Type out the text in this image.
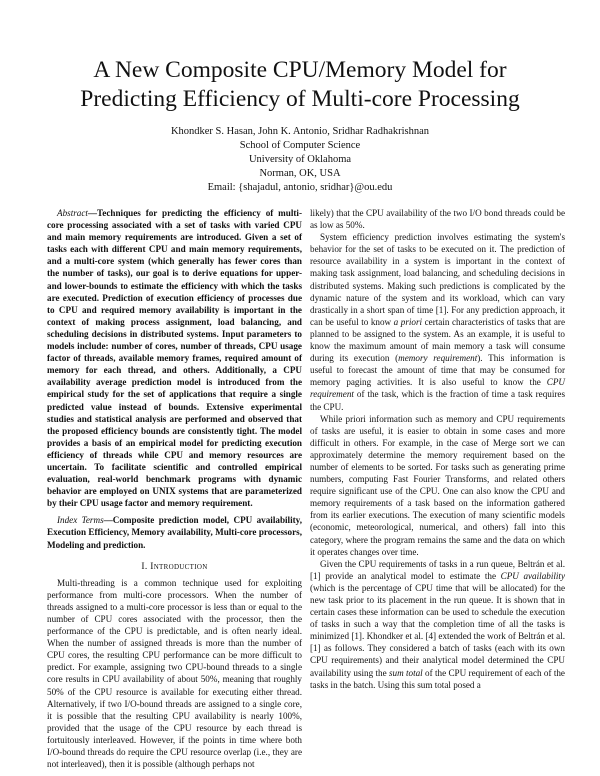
A New Composite CPU/Memory Model for
Predicting Efficiency of Multi-core Processing
Khondker S. Hasan, John K. Antonio, Sridhar Radhakrishnan
School of Computer Science
University of Oklahoma
Norman, OK, USA
Email: {shajadul, antonio, sridhar}@ou.edu

Abstract—Techniques for predicting the efficiency of multi-core processing associated with a set of tasks with varied CPU and main memory requirements are introduced. Given a set of tasks each with different CPU and main memory requirements, and a multi-core system (which generally has fewer cores than the number of tasks), our goal is to derive equations for upper- and lower-bounds to estimate the efficiency with which the tasks are executed. Prediction of execution efficiency of processes due to CPU and required memory availability is important in the context of making process assignment, load balancing, and scheduling decisions in distributed systems. Input parameters to models include: number of cores, number of threads, CPU usage factor of threads, available memory frames, required amount of memory for each thread, and others. Additionally, a CPU availability average prediction model is introduced from the empirical study for the set of applications that require a single predicted value instead of bounds. Extensive experimental studies and statistical analysis are performed and observed that the proposed efficiency bounds are consistently tight. The model provides a basis of an empirical model for predicting execution efficiency of threads while CPU and memory resources are uncertain. To facilitate scientific and controlled empirical evaluation, real-world benchmark programs with dynamic behavior are employed on UNIX systems that are parameterized by their CPU usage factor and memory requirement.

Index Terms—Composite prediction model, CPU availability, Execution Efficiency, Memory availability, Multi-core processors, Modeling and prediction.

I. Introduction

Multi-threading is a common technique used for exploiting performance from multi-core processors. When the number of threads assigned to a multi-core processor is less than or equal to the number of CPU cores associated with the processor, then the performance of the CPU is predictable, and is often nearly ideal. When the number of assigned threads is more than the number of CPU cores, the resulting CPU performance can be more difficult to predict. For example, assigning two CPU-bound threads to a single core results in CPU availability of about 50%, meaning that roughly 50% of the CPU resource is available for executing either thread. Alternatively, if two I/O-bound threads are assigned to a single core, it is possible that the resulting CPU availability is nearly 100%, provided that the usage of the CPU resource by each thread is fortuitously interleaved. However, if the points in time where both I/O-bound threads do require the CPU resource overlap (i.e., they are not interleaved), then it is possible (although perhaps not

likely) that the CPU availability of the two I/O bond threads could be as low as 50%.

System efficiency prediction involves estimating the system's behavior for the set of tasks to be executed on it. The prediction of resource availability in a system is important in the context of making task assignment, load balancing, and scheduling decisions in distributed systems. Making such predictions is complicated by the dynamic nature of the system and its workload, which can vary drastically in a short span of time [1]. For any prediction approach, it can be useful to know a priori certain characteristics of tasks that are planned to be assigned to the system. As an example, it is useful to know the maximum amount of main memory a task will consume during its execution (memory requirement). This information is useful to forecast the amount of time that may be consumed for memory paging activities. It is also useful to know the CPU requirement of the task, which is the fraction of time a task requires the CPU.

While priori information such as memory and CPU requirements of tasks are useful, it is easier to obtain in some cases and more difficult in others. For example, in the case of Merge sort we can approximately determine the memory requirement based on the number of elements to be sorted. For tasks such as generating prime numbers, computing Fast Fourier Transforms, and related others require significant use of the CPU. One can also know the CPU and memory requirements of a task based on the information gathered from its earlier executions. The execution of many scientific models (economic, meteorological, numerical, and others) fall into this category, where the program remains the same and the data on which it operates changes over time.

Given the CPU requirements of tasks in a run queue, Beltrán et al. [1] provide an analytical model to estimate the CPU availability (which is the percentage of CPU time that will be allocated) for the new task prior to its placement in the run queue. It is shown that in certain cases these information can be used to schedule the execution of tasks in such a way that the completion time of all the tasks is minimized [1]. Khondker et al. [4] extended the work of Beltrán et al. [1] as follows. They considered a batch of tasks (each with its own CPU requirements) and their analytical model determined the CPU availability using the sum total of the CPU requirement of each of the tasks in the batch. Using this sum total posed a
